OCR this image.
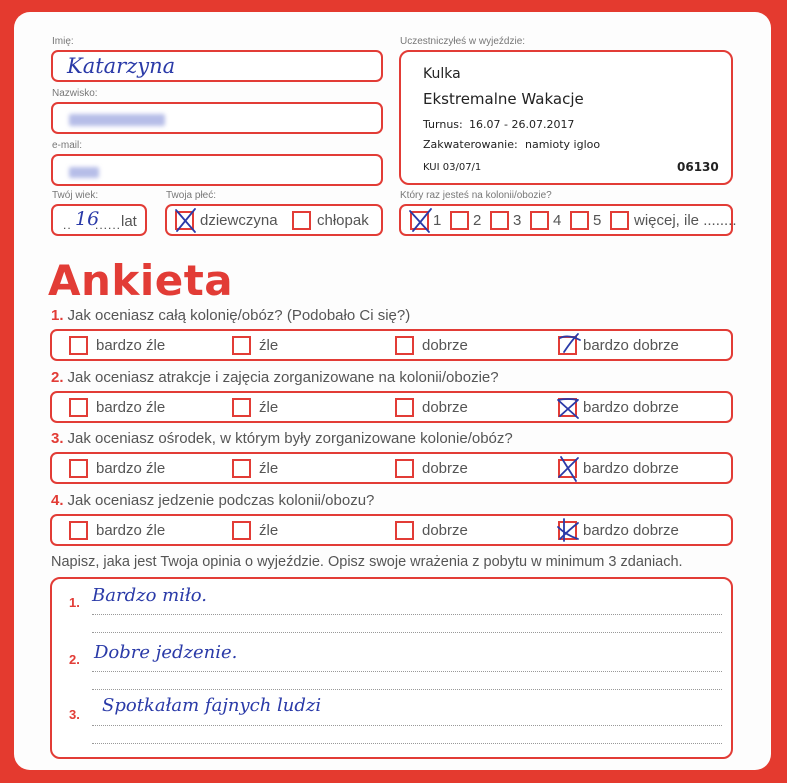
Imię:
Katarzyna
Nazwisko:
e-mail:
Twój wiek:
.. 16
...... lat
Twoja płeć:
dziewczyna	chłopak
Uczestniczyłeś w wyjeździe:
Kulka
Ekstremalne Wakacje
Turnus: 16.07 - 26.07.2017
Zakwaterowanie: namioty igloo
KUI 03/07/1	06130
Który raz jesteś na kolonii/obozie?
1 2 3 4 5 więcej, ile ........
Ankieta
1. Jak oceniasz całą kolonię/obóz? (Podobało Ci się?)
bardzo źle	źle	dobrze	bardzo dobrze
2. Jak oceniasz atrakcje i zajęcia zorganizowane na kolonii/obozie?
bardzo źle	źle	dobrze	bardzo dobrze
3. Jak oceniasz ośrodek, w którym były zorganizowane kolonie/obóz?
bardzo źle	źle	dobrze	bardzo dobrze
4. Jak oceniasz jedzenie podczas kolonii/obozu?
bardzo źle	źle	dobrze	bardzo dobrze
Napisz, jaka jest Twoja opinia o wyjeździe. Opisz swoje wrażenia z pobytu w minimum 3 zdaniach.
1. Bardzo miło.
2. Dobre jedzenie.
3. Spotkałam fajnych ludzi
